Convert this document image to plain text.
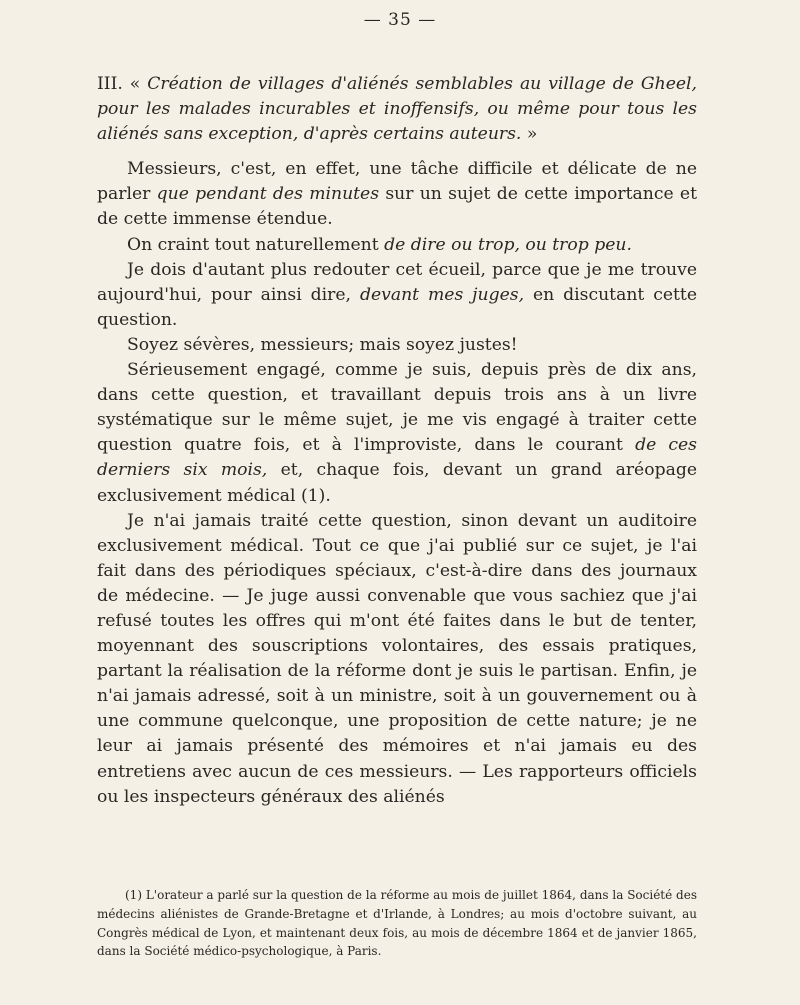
— 35 —

III. « Création de villages d'aliénés semblables au village de Gheel, pour les malades incurables et inoffensifs, ou même pour tous les aliénés sans exception, d'après certains auteurs. »

Messieurs, c'est, en effet, une tâche difficile et délicate de ne parler que pendant des minutes sur un sujet de cette importance et de cette immense étendue.

On craint tout naturellement de dire ou trop, ou trop peu.

Je dois d'autant plus redouter cet écueil, parce que je me trouve aujourd'hui, pour ainsi dire, devant mes juges, en discutant cette question.

Soyez sévères, messieurs; mais soyez justes!

Sérieusement engagé, comme je suis, depuis près de dix ans, dans cette question, et travaillant depuis trois ans à un livre systématique sur le même sujet, je me vis engagé à traiter cette question quatre fois, et à l'improviste, dans le courant de ces derniers six mois, et, chaque fois, devant un grand aréopage exclusivement médical (1).

Je n'ai jamais traité cette question, sinon devant un auditoire exclusivement médical. Tout ce que j'ai publié sur ce sujet, je l'ai fait dans des périodiques spéciaux, c'est-à-dire dans des journaux de médecine. — Je juge aussi convenable que vous sachiez que j'ai refusé toutes les offres qui m'ont été faites dans le but de tenter, moyennant des souscriptions volontaires, des essais pratiques, partant la réalisation de la réforme dont je suis le partisan. Enfin, je n'ai jamais adressé, soit à un ministre, soit à un gouvernement ou à une commune quelconque, une proposition de cette nature; je ne leur ai jamais présenté des mémoires et n'ai jamais eu des entretiens avec aucun de ces messieurs. — Les rapporteurs officiels ou les inspecteurs généraux des aliénés

(1) L'orateur a parlé sur la question de la réforme au mois de juillet 1864, dans la Société des médecins aliénistes de Grande-Bretagne et d'Irlande, à Londres; au mois d'octobre suivant, au Congrès médical de Lyon, et maintenant deux fois, au mois de décembre 1864 et de janvier 1865, dans la Société médico-psychologique, à Paris.
